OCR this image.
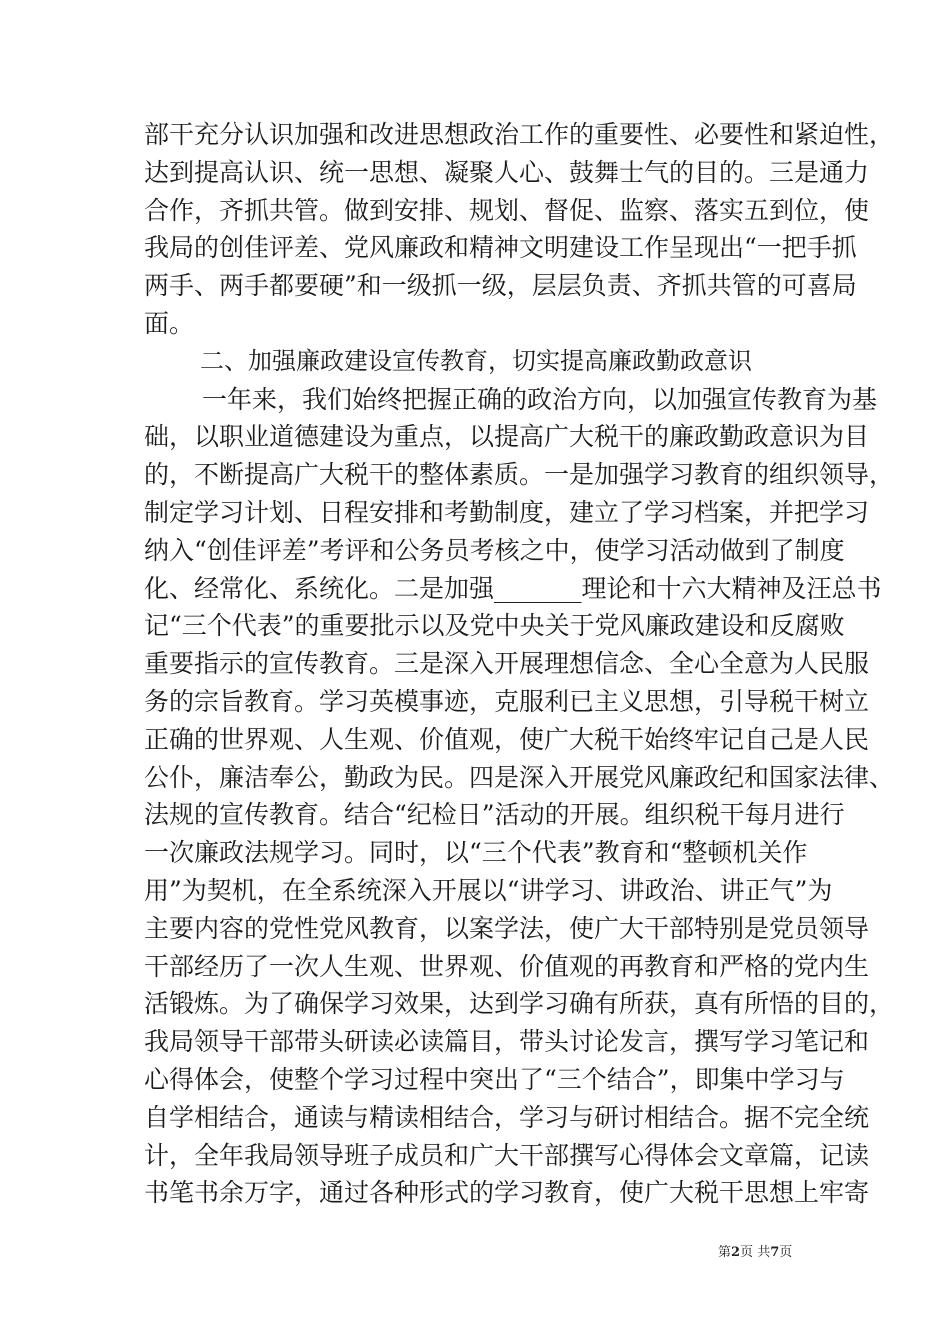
部干充分认识加强和改进思想政治工作的重要性、必要性和紧迫性，
达到提高认识、统一思想、凝聚人心、鼓舞士气的目的。三是通力
合作，齐抓共管。做到安排、规划、督促、监察、落实五到位，使
我局的创佳评差、党风廉政和精神文明建设工作呈现出“一把手抓
两手、两手都要硬”和一级抓一级，层层负责、齐抓共管的可喜局
面。
二、加强廉政建设宣传教育，切实提高廉政勤政意识
一年来，我们始终把握正确的政治方向，以加强宣传教育为基
础，以职业道德建设为重点，以提高广大税干的廉政勤政意识为目
的，不断提高广大税干的整体素质。一是加强学习教育的组织领导，
制定学习计划、日程安排和考勤制度，建立了学习档案，并把学习
纳入“创佳评差”考评和公务员考核之中，使学习活动做到了制度
化、经常化、系统化。二是加强_______理论和十六大精神及汪总书
记“三个代表”的重要批示以及党中央关于党风廉政建设和反腐败
重要指示的宣传教育。三是深入开展理想信念、全心全意为人民服
务的宗旨教育。学习英模事迹，克服利已主义思想，引导税干树立
正确的世界观、人生观、价值观，使广大税干始终牢记自己是人民
公仆，廉洁奉公，勤政为民。四是深入开展党风廉政纪和国家法律、
法规的宣传教育。结合“纪检日”活动的开展。组织税干每月进行
一次廉政法规学习。同时，以“三个代表”教育和“整顿机关作
用”为契机，在全系统深入开展以“讲学习、讲政治、讲正气”为
主要内容的党性党风教育，以案学法，使广大干部特别是党员领导
干部经历了一次人生观、世界观、价值观的再教育和严格的党内生
活锻炼。为了确保学习效果，达到学习确有所获，真有所悟的目的，
我局领导干部带头研读必读篇目，带头讨论发言，撰写学习笔记和
心得体会，使整个学习过程中突出了“三个结合”，即集中学习与
自学相结合，通读与精读相结合，学习与研讨相结合。据不完全统
计，全年我局领导班子成员和广大干部撰写心得体会文章篇，记读
书笔书余万字，通过各种形式的学习教育，使广大税干思想上牢寄
第2页 共7页
